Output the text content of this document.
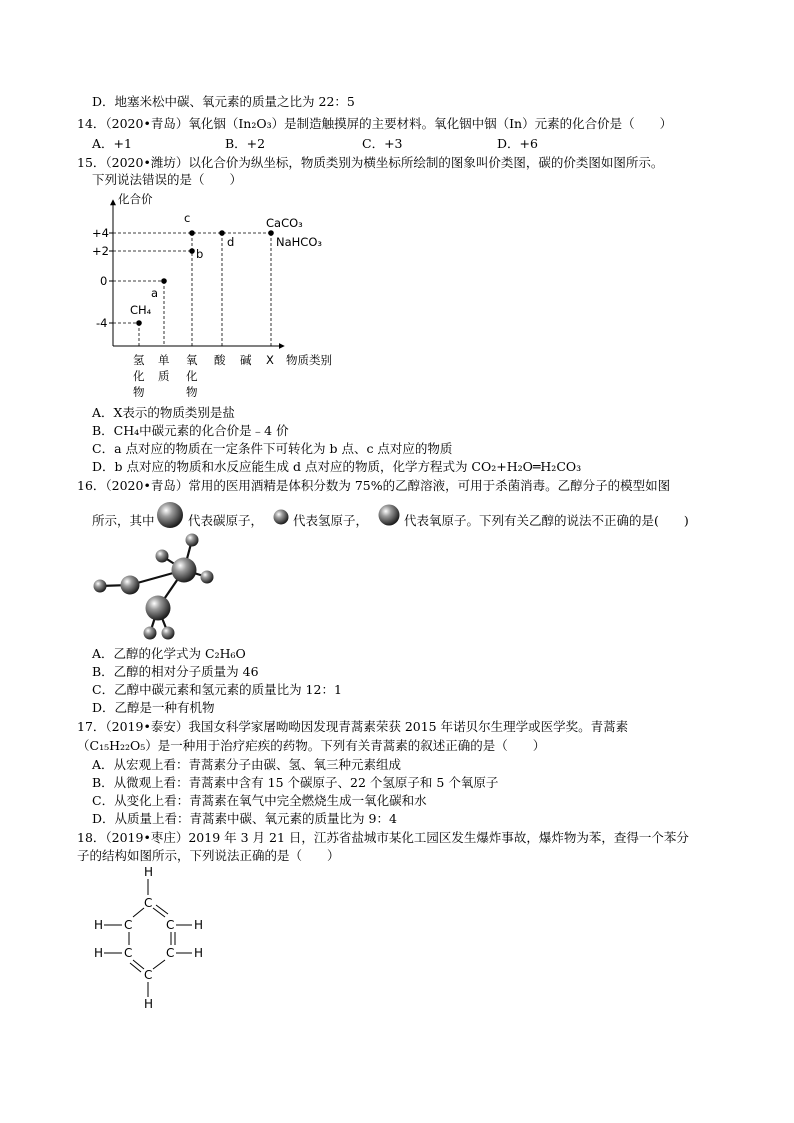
D．地塞米松中碳、氧元素的质量之比为 22：5
14．（2020•青岛）氧化铟（In₂O₃）是制造触摸屏的主要材料。氧化铟中铟（In）元素的化合价是（　　）
A．+1	B．+2	C．+3	D．+6
15．（2020•潍坊）以化合价为纵坐标，物质类别为横坐标所绘制的图象叫价类图，碳的价类图如图所示。
下列说法错误的是（　　）
化合价
物质类别
+4
+2
0
-4
CH₄
a
b
c
d
CaCO₃
NaHCO₃
氢
化
物
单
质
氧
化
物
酸 碱 X
A．X表示的物质类别是盐
B．CH₄中碳元素的化合价是﹣4 价
C．a 点对应的物质在一定条件下可转化为 b 点、c 点对应的物质
D．b 点对应的物质和水反应能生成 d 点对应的物质，化学方程式为 CO₂+H₂O═H₂CO₃
16．（2020•青岛）常用的医用酒精是体积分数为 75%的乙醇溶液，可用于杀菌消毒。乙醇分子的模型如图
所示，其中	代表碳原子， 代表氢原子，	代表氧原子。下列有关乙醇的说法不正确的是(　　)
A．乙醇的化学式为 C₂H₆O
B．乙醇的相对分子质量为 46
C．乙醇中碳元素和氢元素的质量比为 12：1
D．乙醇是一种有机物
17．（2019•泰安）我国女科学家屠呦呦因发现青蒿素荣获 2015 年诺贝尔生理学或医学奖。青蒿素
（C₁₅H₂₂O₅）是一种用于治疗疟疾的药物。下列有关青蒿素的叙述正确的是（　　）
A．从宏观上看：青蒿素分子由碳、氢、氧三种元素组成
B．从微观上看：青蒿素中含有 15 个碳原子、22 个氢原子和 5 个氧原子
C．从变化上看：青蒿素在氧气中完全燃烧生成一氧化碳和水
D．从质量上看：青蒿素中碳、氧元素的质量比为 9：4
18．（2019•枣庄）2019 年 3 月 21 日，江苏省盐城市某化工园区发生爆炸事故，爆炸物为苯，查得一个苯分
子的结构如图所示，下列说法正确的是（　　）
H
C
C	C
C	C
C
H
H
H
H
H
